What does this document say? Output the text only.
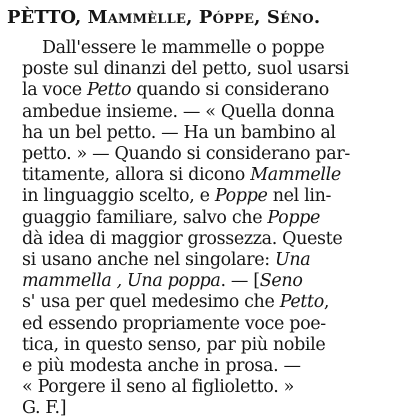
PÈTTO, Mammèlle, Póppe, Séno.
Dall'essere le mammelle o poppe
poste sul dinanzi del petto, suol usarsi
la voce Petto quando si considerano
ambedue insieme. — « Quella donna
ha un bel petto. — Ha un bambino al
petto. » — Quando si considerano par-
titamente, allora si dicono Mammelle
in linguaggio scelto, e Poppe nel lin-
guaggio familiare, salvo che Poppe
dà idea di maggior grossezza. Queste
si usano anche nel singolare: Una
mammella , Una poppa. — [Seno
s' usa per quel medesimo che Petto,
ed essendo propriamente voce poe-
tica, in questo senso, par più nobile
e più modesta anche in prosa. —
« Porgere il seno al figlioletto. »
G. F.]
